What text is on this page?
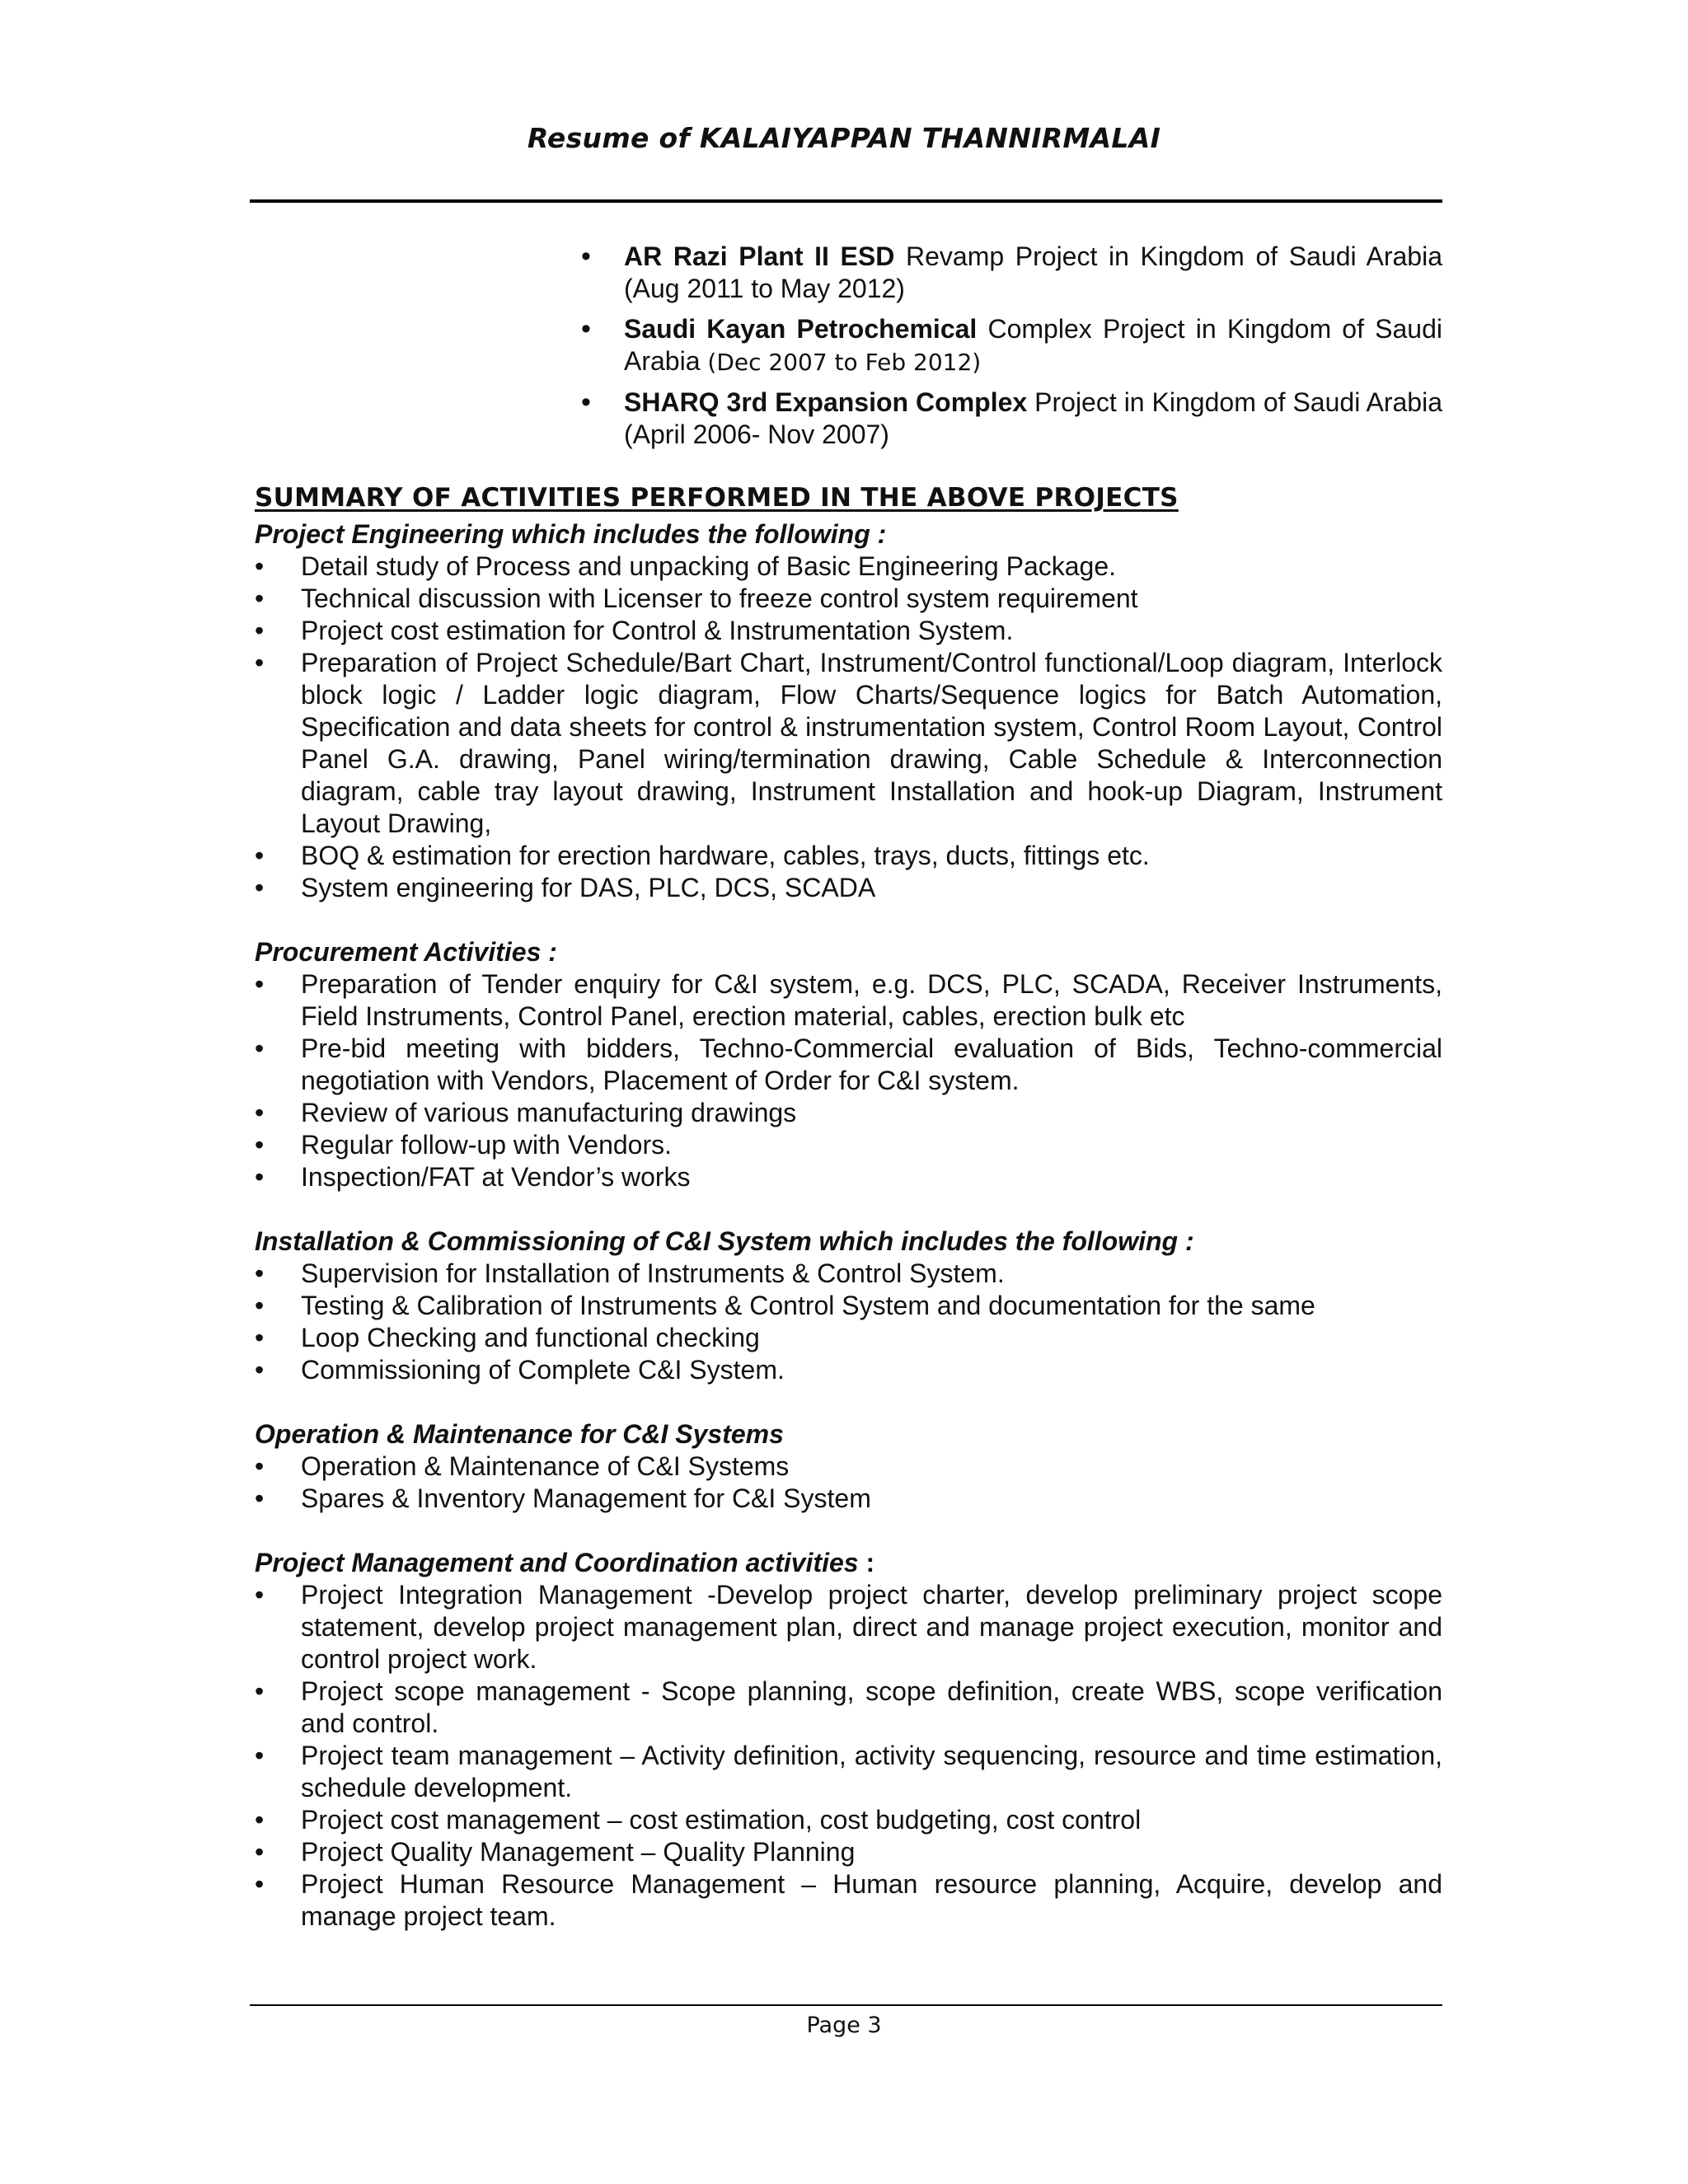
Resume of KALAIYAPPAN THANNIRMALAI
• AR Razi Plant II ESD Revamp Project in Kingdom of Saudi Arabia (Aug 2011 to May 2012)
• Saudi Kayan Petrochemical Complex Project in Kingdom of Saudi Arabia (Dec 2007 to Feb 2012)
• SHARQ 3rd Expansion Complex Project in Kingdom of Saudi Arabia (April 2006- Nov 2007)
SUMMARY OF ACTIVITIES PERFORMED IN THE ABOVE PROJECTS
Project Engineering which includes the following :
• Detail study of Process and unpacking of Basic Engineering Package.
• Technical discussion with Licenser to freeze control system requirement
• Project cost estimation for Control & Instrumentation System.
• Preparation of Project Schedule/Bart Chart, Instrument/Control functional/Loop diagram, Interlock block logic / Ladder logic diagram, Flow Charts/Sequence logics for Batch Automation, Specification and data sheets for control & instrumentation system, Control Room Layout, Control Panel G.A. drawing, Panel wiring/termination drawing, Cable Schedule & Interconnection diagram, cable tray layout drawing, Instrument Installation and hook-up Diagram, Instrument Layout Drawing,
• BOQ & estimation for erection hardware, cables, trays, ducts, fittings etc.
• System engineering for DAS, PLC, DCS, SCADA
Procurement Activities :
• Preparation of Tender enquiry for C&I system, e.g. DCS, PLC, SCADA, Receiver Instruments, Field Instruments, Control Panel, erection material, cables, erection bulk etc
• Pre-bid meeting with bidders, Techno-Commercial evaluation of Bids, Techno-commercial negotiation with Vendors, Placement of Order for C&I system.
• Review of various manufacturing drawings
• Regular follow-up with Vendors.
• Inspection/FAT at Vendor’s works
Installation & Commissioning of C&I System which includes the following :
• Supervision for Installation of Instruments & Control System.
• Testing & Calibration of Instruments & Control System and documentation for the same
• Loop Checking and functional checking
• Commissioning of Complete C&I System.
Operation & Maintenance for C&I Systems
• Operation & Maintenance of C&I Systems
• Spares & Inventory Management for C&I System
Project Management and Coordination activities :
• Project Integration Management -Develop project charter, develop preliminary project scope statement, develop project management plan, direct and manage project execution, monitor and control project work.
• Project scope management - Scope planning, scope definition, create WBS, scope verification and control.
• Project team management – Activity definition, activity sequencing, resource and time estimation, schedule development.
• Project cost management – cost estimation, cost budgeting, cost control
• Project Quality Management – Quality Planning
• Project Human Resource Management – Human resource planning, Acquire, develop and manage project team.
Page 3
